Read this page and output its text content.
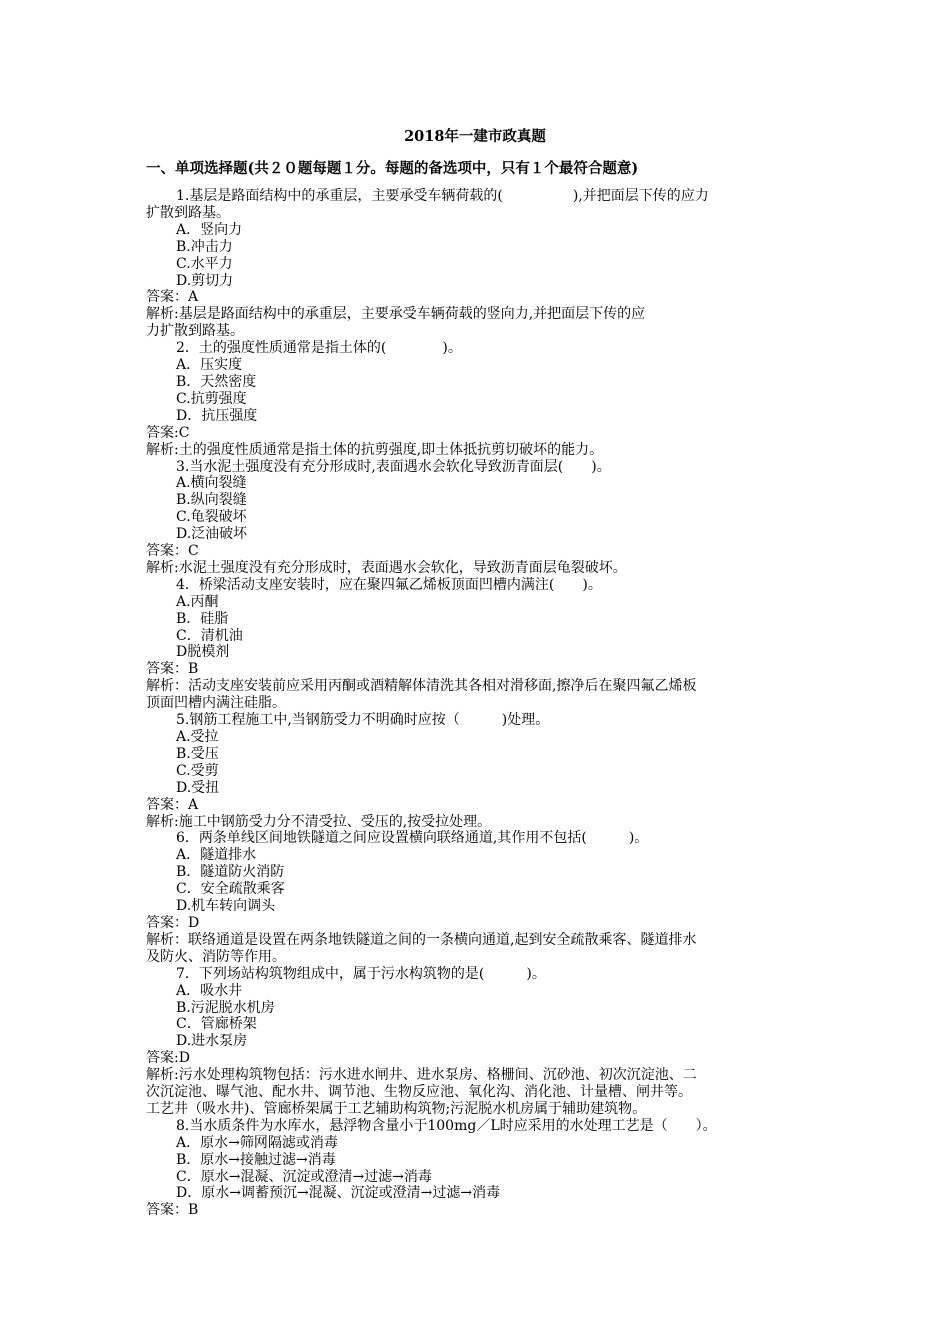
2018年一建市政真题
一、单项选择题(共２０题每题１分。每题的备选项中，只有１个最符合题意)
1.基层是路面结构中的承重层，主要承受车辆荷载的(　　　　　),并把面层下传的应力
扩散到路基。
A．竖向力
B.冲击力
C.水平力
D.剪切力
答案：A
解析:基层是路面结构中的承重层，主要承受车辆荷载的竖向力,并把面层下传的应
力扩散到路基。
2．土的强度性质通常是指土体的(　　　　)。
A．压实度
B．天然密度
C.抗剪强度
D．抗压强度
答案:C
解析:土的强度性质通常是指土体的抗剪强度,即土体抵抗剪切破坏的能力。
3.当水泥土强度没有充分形成时,表面遇水会软化导致沥青面层(　　)。
A.横向裂缝
B.纵向裂缝
C.龟裂破坏
D.泛油破坏
答案：C
解析:水泥土强度没有充分形成时，表面遇水会软化，导致沥青面层龟裂破坏。
4．桥梁活动支座安装时，应在聚四氟乙烯板顶面凹槽内满注(　　)。
A.丙酮
B．硅脂
C．清机油
D脱模剂
答案：B
解析：活动支座安装前应采用丙酮或酒精解体清洗其各相对滑移面,擦净后在聚四氟乙烯板
顶面凹槽内满注硅脂。
5.钢筋工程施工中,当钢筋受力不明确时应按（　　　)处理。
A.受拉
B.受压
C.受剪
D.受扭
答案：A
解析:施工中钢筋受力分不清受拉、受压的,按受拉处理。
6．两条单线区间地铁隧道之间应设置横向联络通道,其作用不包括(　　　)。
A．隧道排水
B．隧道防火消防
C．安全疏散乘客
D.机车转向调头
答案：D
解析：联络通道是设置在两条地铁隧道之间的一条横向通道,起到安全疏散乘客、隧道排水
及防火、消防等作用。
7．下列场站构筑物组成中，属于污水构筑物的是(　　　)。
A．吸水井
B.污泥脱水机房
C．管廊桥架
D.进水泵房
答案:D
解析:污水处理构筑物包括：污水进水闸井、进水泵房、格栅间、沉砂池、初次沉淀池、二
次沉淀池、曝气池、配水井、调节池、生物反应池、氧化沟、消化池、计量槽、闸井等。
工艺井（吸水井)、管廊桥架属于工艺辅助构筑物;污泥脱水机房属于辅助建筑物。
8.当水质条件为水库水，悬浮物含量小于100mg／L时应采用的水处理工艺是（　　）。
A．原水→筛网隔滤或消毒
B．原水→接触过滤→消毒
C．原水→混凝、沉淀或澄清→过滤→消毒
D．原水→调蓄预沉→混凝、沉淀或澄清→过滤→消毒
答案：B
